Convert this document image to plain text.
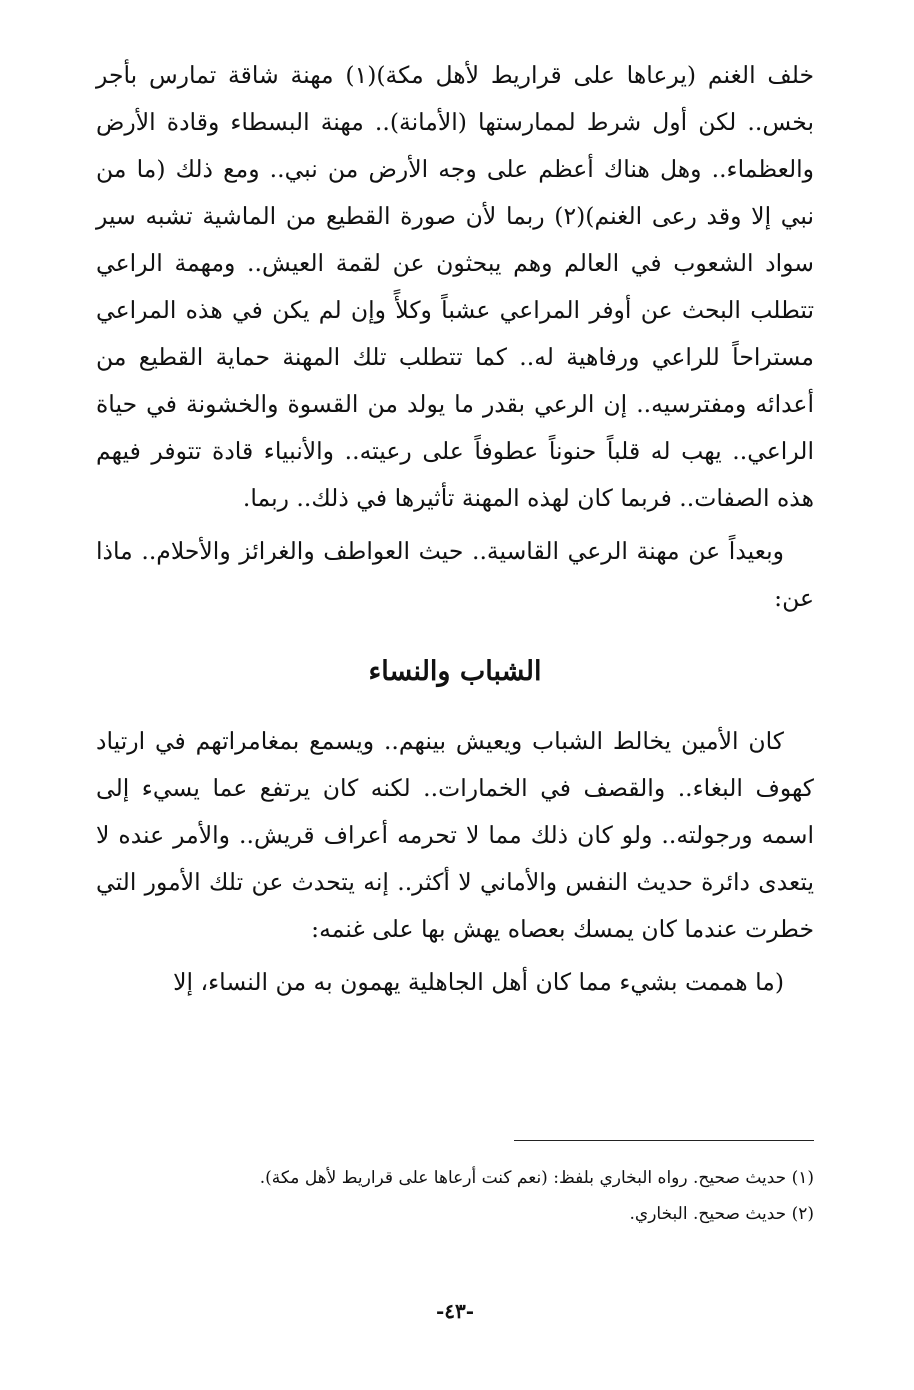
خلف الغنم (يرعاها على قراريط لأهل مكة)(١) مهنة شاقة تمارس بأجر بخس.. لكن أول شرط لممارستها (الأمانة).. مهنة البسطاء وقادة الأرض والعظماء.. وهل هناك أعظم على وجه الأرض من نبي.. ومع ذلك (ما من نبي إلا وقد رعى الغنم)(٢) ربما لأن صورة القطيع من الماشية تشبه سير سواد الشعوب في العالم وهم يبحثون عن لقمة العيش.. ومهمة الراعي تتطلب البحث عن أوفر المراعي عشباً وكلأً وإن لم يكن في هذه المراعي مستراحاً للراعي ورفاهية له.. كما تتطلب تلك المهنة حماية القطيع من أعدائه ومفترسيه.. إن الرعي بقدر ما يولد من القسوة والخشونة في حياة الراعي.. يهب له قلباً حنوناً عطوفاً على رعيته.. والأنبياء قادة تتوفر فيهم هذه الصفات.. فربما كان لهذه المهنة تأثيرها في ذلك.. ربما.

وبعيداً عن مهنة الرعي القاسية.. حيث العواطف والغرائز والأحلام.. ماذا عن:

الشباب والنساء

كان الأمين يخالط الشباب ويعيش بينهم.. ويسمع بمغامراتهم في ارتياد كهوف البغاء.. والقصف في الخمارات.. لكنه كان يرتفع عما يسيء إلى اسمه ورجولته.. ولو كان ذلك مما لا تحرمه أعراف قريش.. والأمر عنده لا يتعدى دائرة حديث النفس والأماني لا أكثر.. إنه يتحدث عن تلك الأمور التي خطرت عندما كان يمسك بعصاه يهش بها على غنمه:

(ما هممت بشيء مما كان أهل الجاهلية يهمون به من النساء، إلا

(١) حديث صحيح. رواه البخاري بلفظ: (نعم كنت أرعاها على قراريط لأهل مكة).

(٢) حديث صحيح. البخاري.

-٤٣-
